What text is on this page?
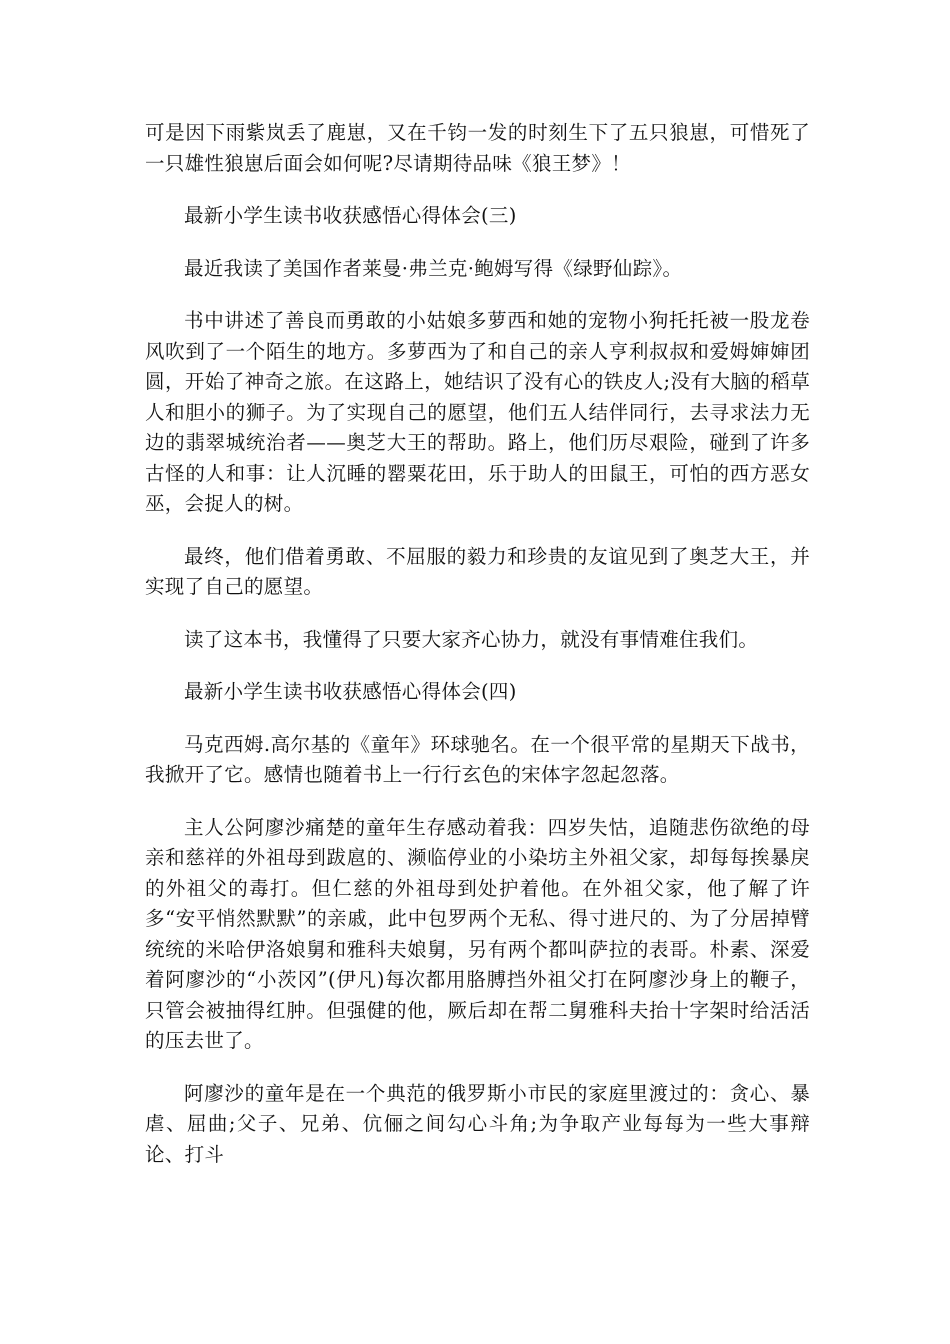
可是因下雨紫岚丢了鹿崽，又在千钧一发的时刻生下了五只狼崽，可惜死了一只雄性狼崽后面会如何呢?尽请期待品味《狼王梦》！

最新小学生读书收获感悟心得体会(三)

最近我读了美国作者莱曼·弗兰克·鲍姆写得《绿野仙踪》。

书中讲述了善良而勇敢的小姑娘多萝西和她的宠物小狗托托被一股龙卷风吹到了一个陌生的地方。多萝西为了和自己的亲人亨利叔叔和爱姆婶婶团圆，开始了神奇之旅。在这路上，她结识了没有心的铁皮人;没有大脑的稻草人和胆小的狮子。为了实现自己的愿望，他们五人结伴同行，去寻求法力无边的翡翠城统治者——奥芝大王的帮助。路上，他们历尽艰险，碰到了许多古怪的人和事：让人沉睡的罂粟花田，乐于助人的田鼠王，可怕的西方恶女巫，会捉人的树。

最终，他们借着勇敢、不屈服的毅力和珍贵的友谊见到了奥芝大王，并实现了自己的愿望。

读了这本书，我懂得了只要大家齐心协力，就没有事情难住我们。

最新小学生读书收获感悟心得体会(四)

马克西姆.高尔基的《童年》环球驰名。在一个很平常的星期天下战书，我掀开了它。感情也随着书上一行行玄色的宋体字忽起忽落。

主人公阿廖沙痛楚的童年生存感动着我：四岁失怙，追随悲伤欲绝的母亲和慈祥的外祖母到跋扈的、濒临停业的小染坊主外祖父家，却每每挨暴戾的外祖父的毒打。但仁慈的外祖母到处护着他。在外祖父家，他了解了许多“安平悄然默默”的亲戚，此中包罗两个无私、得寸进尺的、为了分居掉臂统统的米哈伊洛娘舅和雅科夫娘舅，另有两个都叫萨拉的表哥。朴素、深爱着阿廖沙的“小茨冈”(伊凡)每次都用胳膊挡外祖父打在阿廖沙身上的鞭子，只管会被抽得红肿。但强健的他，厥后却在帮二舅雅科夫抬十字架时给活活的压去世了。

阿廖沙的童年是在一个典范的俄罗斯小市民的家庭里渡过的：贪心、暴虐、屈曲;父子、兄弟、伉俪之间勾心斗角;为争取产业每每为一些大事辩论、打斗
